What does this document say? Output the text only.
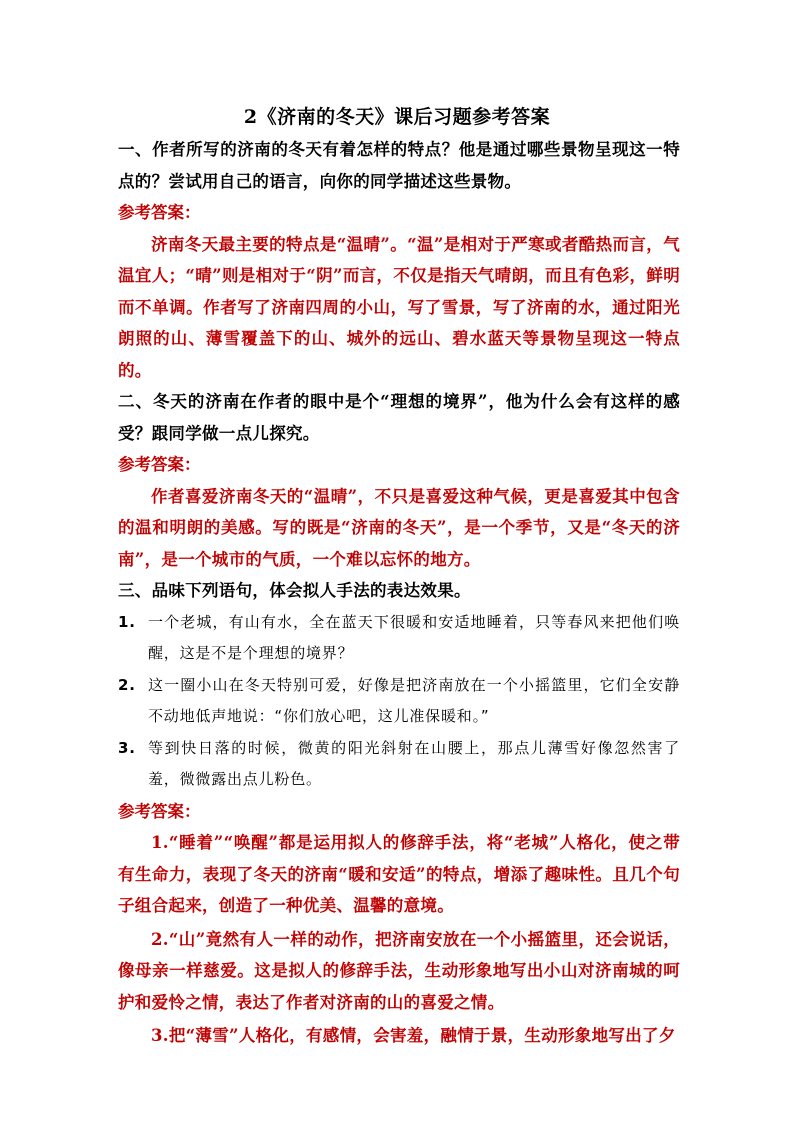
2《济南的冬天》课后习题参考答案

一、作者所写的济南的冬天有着怎样的特点？他是通过哪些景物呈现这一特点的？尝试用自己的语言，向你的同学描述这些景物。

参考答案：

济南冬天最主要的特点是“温晴”。“温”是相对于严寒或者酷热而言，气温宜人；“晴”则是相对于“阴”而言，不仅是指天气晴朗，而且有色彩，鲜明而不单调。作者写了济南四周的小山，写了雪景，写了济南的水，通过阳光朗照的山、薄雪覆盖下的山、城外的远山、碧水蓝天等景物呈现这一特点的。

二、冬天的济南在作者的眼中是个“理想的境界”，他为什么会有这样的感受？跟同学做一点儿探究。

参考答案：

作者喜爱济南冬天的“温晴”，不只是喜爱这种气候，更是喜爱其中包含的温和明朗的美感。写的既是“济南的冬天”，是一个季节，又是“冬天的济南”，是一个城市的气质，一个难以忘怀的地方。

三、品味下列语句，体会拟人手法的表达效果。

1. 一个老城，有山有水，全在蓝天下很暖和安适地睡着，只等春风来把他们唤醒，这是不是个理想的境界？
2. 这一圈小山在冬天特别可爱，好像是把济南放在一个小摇篮里，它们全安静不动地低声地说：“你们放心吧，这儿准保暖和。”
3. 等到快日落的时候，微黄的阳光斜射在山腰上，那点儿薄雪好像忽然害了羞，微微露出点儿粉色。

参考答案：

1.“睡着”“唤醒”都是运用拟人的修辞手法，将“老城”人格化，使之带有生命力，表现了冬天的济南“暖和安适”的特点，增添了趣味性。且几个句子组合起来，创造了一种优美、温馨的意境。

2.“山”竟然有人一样的动作，把济南安放在一个小摇篮里，还会说话，像母亲一样慈爱。这是拟人的修辞手法，生动形象地写出小山对济南城的呵护和爱怜之情，表达了作者对济南的山的喜爱之情。

3.把“薄雪”人格化，有感情，会害羞，融情于景，生动形象地写出了夕
